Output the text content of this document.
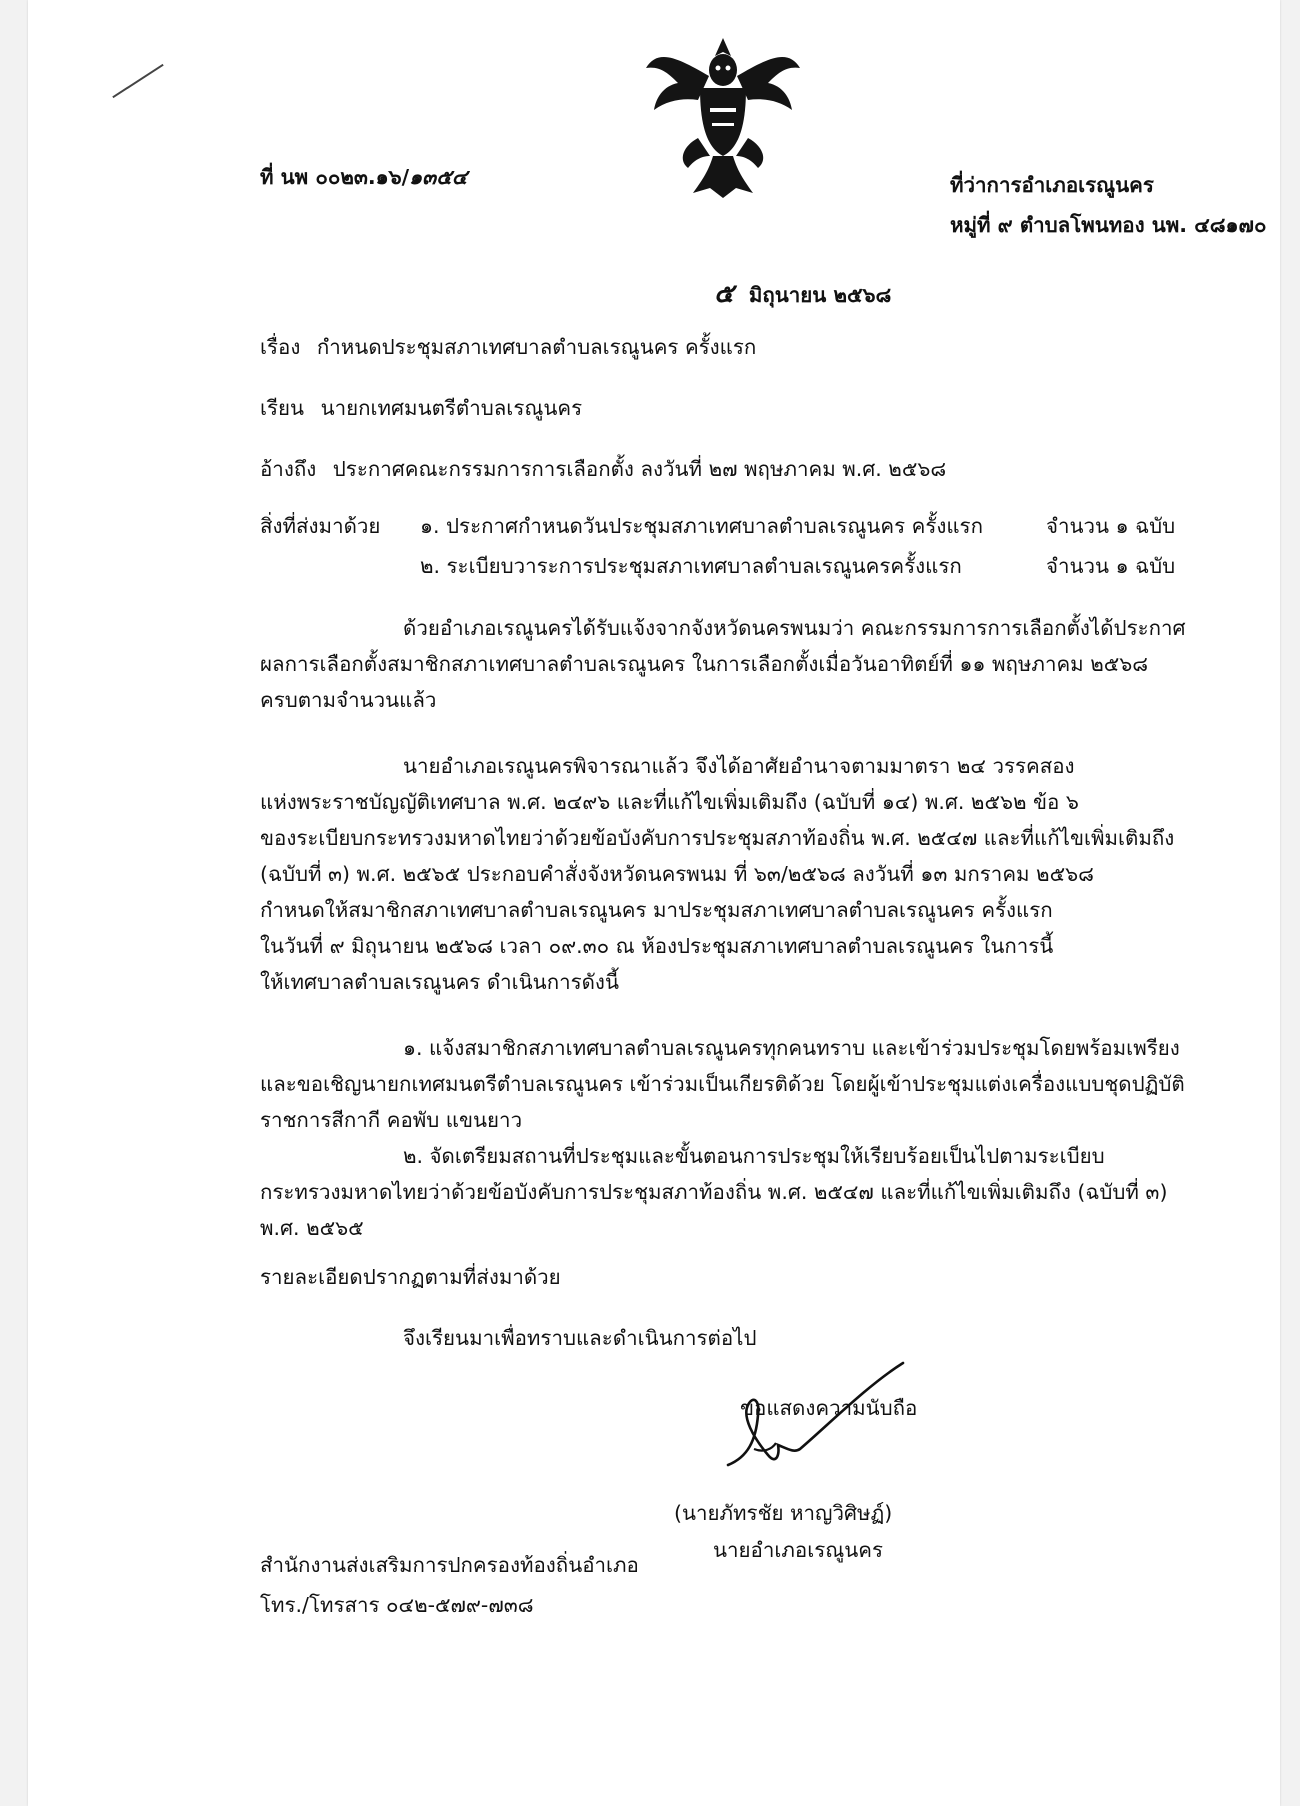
ที่ นพ ๐๐๒๓.๑๖/๑๓๕๔	ที่ว่าการอำเภอเรณูนคร
หมู่ที่ ๙ ตำบลโพนทอง นพ. ๔๘๑๗๐
๕ มิถุนายน ๒๕๖๘
เรื่อง กำหนดประชุมสภาเทศบาลตำบลเรณูนคร ครั้งแรก
เรียน นายกเทศมนตรีตำบลเรณูนคร
อ้างถึง ประกาศคณะกรรมการการเลือกตั้ง ลงวันที่ ๒๗ พฤษภาคม พ.ศ. ๒๕๖๘
สิ่งที่ส่งมาด้วย ๑. ประกาศกำหนดวันประชุมสภาเทศบาลตำบลเรณูนคร ครั้งแรก	จำนวน ๑ ฉบับ
๒. ระเบียบวาระการประชุมสภาเทศบาลตำบลเรณูนครครั้งแรก	จำนวน ๑ ฉบับ
ด้วยอำเภอเรณูนครได้รับแจ้งจากจังหวัดนครพนมว่า คณะกรรมการการเลือกตั้งได้ประกาศ
ผลการเลือกตั้งสมาชิกสภาเทศบาลตำบลเรณูนคร ในการเลือกตั้งเมื่อวันอาทิตย์ที่ ๑๑ พฤษภาคม ๒๕๖๘
ครบตามจำนวนแล้ว
นายอำเภอเรณูนครพิจารณาแล้ว จึงได้อาศัยอำนาจตามมาตรา ๒๔ วรรคสอง
แห่งพระราชบัญญัติเทศบาล พ.ศ. ๒๔๙๖ และที่แก้ไขเพิ่มเติมถึง (ฉบับที่ ๑๔) พ.ศ. ๒๕๖๒ ข้อ ๖
ของระเบียบกระทรวงมหาดไทยว่าด้วยข้อบังคับการประชุมสภาท้องถิ่น พ.ศ. ๒๕๔๗ และที่แก้ไขเพิ่มเติมถึง
(ฉบับที่ ๓) พ.ศ. ๒๕๖๕ ประกอบคำสั่งจังหวัดนครพนม ที่ ๖๓/๒๕๖๘ ลงวันที่ ๑๓ มกราคม ๒๕๖๘
กำหนดให้สมาชิกสภาเทศบาลตำบลเรณูนคร มาประชุมสภาเทศบาลตำบลเรณูนคร ครั้งแรก
ในวันที่ ๙ มิถุนายน ๒๕๖๘ เวลา ๐๙.๓๐ ณ ห้องประชุมสภาเทศบาลตำบลเรณูนคร ในการนี้
ให้เทศบาลตำบลเรณูนคร ดำเนินการดังนี้
๑. แจ้งสมาชิกสภาเทศบาลตำบลเรณูนครทุกคนทราบ และเข้าร่วมประชุมโดยพร้อมเพรียง
และขอเชิญนายกเทศมนตรีตำบลเรณูนคร เข้าร่วมเป็นเกียรติด้วย โดยผู้เข้าประชุมแต่งเครื่องแบบชุดปฏิบัติ
ราชการสีกากี คอพับ แขนยาว
๒. จัดเตรียมสถานที่ประชุมและขั้นตอนการประชุมให้เรียบร้อยเป็นไปตามระเบียบ
กระทรวงมหาดไทยว่าด้วยข้อบังคับการประชุมสภาท้องถิ่น พ.ศ. ๒๕๔๗ และที่แก้ไขเพิ่มเติมถึง (ฉบับที่ ๓)
พ.ศ. ๒๕๖๕
รายละเอียดปรากฏตามที่ส่งมาด้วย
จึงเรียนมาเพื่อทราบและดำเนินการต่อไป
ขอแสดงความนับถือ
(นายภัทรชัย หาญวิศิษฏ์)
นายอำเภอเรณูนคร
สำนักงานส่งเสริมการปกครองท้องถิ่นอำเภอ
โทร./โทรสาร ๐๔๒-๕๗๙-๗๓๘
